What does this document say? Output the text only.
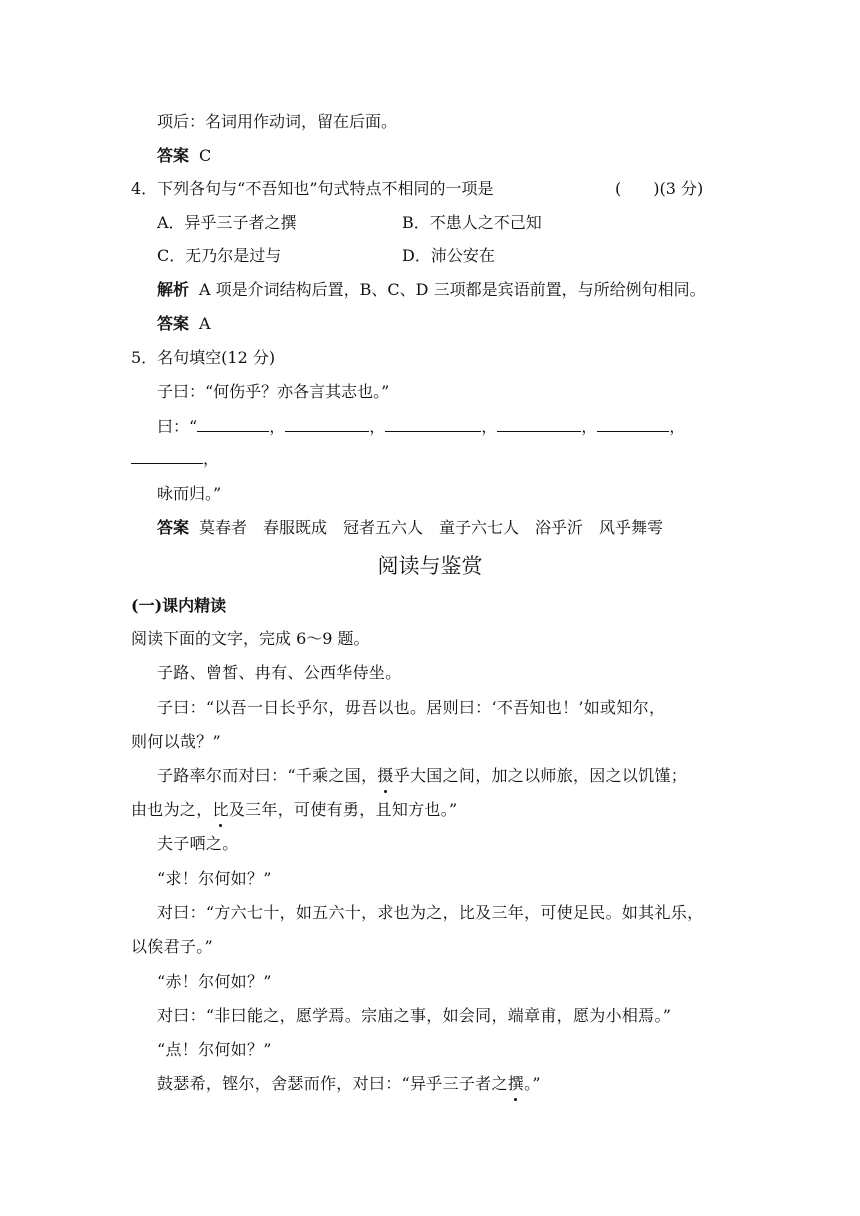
项后：名词用作动词，留在后面。
答案 C
4．下列各句与“不吾知也”句式特点不相同的一项是	(　　)(3 分)
A．异乎三子者之撰	B．不患人之不己知
C．无乃尔是过与	D．沛公安在
解析 A 项是介词结构后置，B、C、D 三项都是宾语前置，与所给例句相同。
答案 A
5．名句填空(12 分)
子曰：“何伤乎？亦各言其志也。”
曰：“	，	，	，	，	，
，
咏而归。”
答案 莫春者　春服既成　冠者五六人　童子六七人　浴乎沂　风乎舞雩
阅读与鉴赏
(一)课内精读
阅读下面的文字，完成 6～9 题。
子路、曾皙、冉有、公西华侍坐。
子曰：“以吾一日长乎尔，毋吾以也。居则曰：‘不吾知也！’如或知尔，
则何以哉？”
子路率尔而对曰：“千乘之国，摄乎大国之间，加之以师旅，因之以饥馑；
由也为之，比及三年，可使有勇，且知方也。”
夫子哂之。
“求！尔何如？”
对曰：“方六七十，如五六十，求也为之，比及三年，可使足民。如其礼乐，
以俟君子。”
“赤！尔何如？”
对曰：“非曰能之，愿学焉。宗庙之事，如会同，端章甫，愿为小相焉。”
“点！尔何如？”
鼓瑟希，铿尔，舍瑟而作，对曰：“异乎三子者之撰。”
